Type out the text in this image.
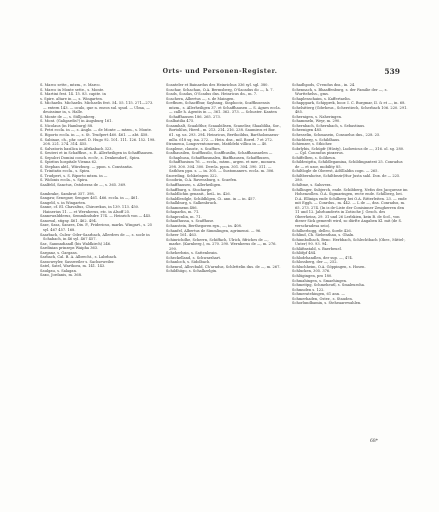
Orts- und Personen-Register.	539

S. Marco sette., mtzm., e. Marco.

S. Marco in Monte sette., s. Monte.

S. Martini fest. 14. 15. 83. capite. in

s. Spire. altare in —, s. Wingarten.

S. Michaelis. Michaelis. Michaelis fest. 54. 55. 115. 271—273. — extern 143. — oculo, que n. eneos sul. spud. — Ulma, — deuissime in, s. Halle.

S. Monte de —, s. Stilljonberg.

S. Mont. (Galigardis?) in Augsburg 161.

S. Nicolaus (in Hamburg) 88.

S. Petri eccla. in —, s. Anglo. — de Monte — mtzm., s. Monte.

S. Riporto eccla. in —, s. St. Trudpert 460. 461. — abt. 458.

S. Sabinae, ch., phr. card. D. Hugo 92. 101. 111. 126. 152. 198. 208. 221. 274. 314. 455.

S. Salvatoris basilica in Afrikabach 323.

S. Seuteri et in Schaffhse., s. R. Allerheiligen in Schaffhausen.

S. Sepulcri Domini conch. ecclv., s. Denkendorf., Spira.

S. Spiritus hospitale Vienna 62.

S. Stephan abtl., Würzburg. — ppon. s. Constantia.

S. Trinitatis eccla., s. Spira.

S. Trudpert, s. S. Riporto mtzm. in —

S. Widonis eccla., s. Spira.

Saalfeld, Sanctus, Ostoberas de —, s. 365. 369.

Sambrake, Sambrut 357. 398.

Sangaw, Senegaw, Sengaw 461. 466. eccla. in —, 461.

Sangeld, s. in Wingarten.

Sanne, cf. El. Chavaltus, Chirorekus, in 139. 113. 450. Hainerius 11. — et Wernherus, etc. in Alsoff 25.

Sannewaldderus, Semmlindsdre 174. — Heinrich von — 445.

Sanowal, stigny. 461. 462. 494.

Saze, Sasa, Sanzes, Dix. F., Fridericus, marks. Wingart., s. 25 syl. 467 457. 168.

Saarbach, Culeu- Oder-Saarbach, Allerdres de —, s. socle in Schabach, in 46 syl. 467 457.

Sar., Sanmndiandl (bis Waldkirch) 246.

Sardinian prinzeps Waipha 363.

Sarganz, s. Gargans.

Sarbach, Cal. B. A. Albrecht., s. Labrbach.

Sassoweyler, Sassweiler s. Sachseweiler.

Satel, Satel, Warthora, m. 141. 143.

Saulgau, s. Salagan.

Saxo, Jordanis, m. 368.

Scanteler et Bainardus des Heinrichus 336 syl. sgl. 380.

Scachar, Schachan, O.A. Bermsberg, O'Sacadus do —, h. 7.

Scads, Scadas, O'Scadus dns. Heinricus dn., m. 7.

Scachera, Albertus —, s. de Maingen.

Scefburn, Schacffbur, Sayhnng, Sinphocis, Scaffhusensis mtzm., s. Allerheiligen 37. et Schaffhausen — S. Agnes eccla. — calle h. Agentis in —, 361. 362. 373. — Schuster. Kanten Schaffhausen 186. 265. 273.

Scalbatilia 475.

Scaamhalt, Scaaldtlur, Scaaabilisen, Scanelisr, Shaablilia, Sor., Bortolilus, Hierd., m. 213. 214. 216. 238. Saumiros et Bor. 61. sg. us. 293. 294. Heinricus, Berthoildus, Bartholomaeus-mllu. 618 sq. isa. 272. — Hein. dns., mil. Borrd. 7 et 272.

Stramenu, Longoventonorum, Matildehi villica in — 40.

Scaplene, claustr., s. Scaffurs.

Scafhausilen, Scaffhusilo, Scaffhusilin, Schaffhausaelen — Schaphusa, Schaffhusmaleu, Biaffhausen, Schaffhusen, Schaffhusium 76. — eccla., mtzm., argen. et mer., monuru. 298. 300. 304. 300. Dercla. ppon. 301. 304. 390. 311. — Sathhen ppu. s. — in. 305. — Sustomaners. eccla. m. 306.

Szoerding, Schkrönpen 322.

Scoobrin, O.A. Ravensburg, s. Scaefen.

Schaffhausen, s. Allerheiligen.

Schaffburg, s. Stocharge.

Schaldlichin genanit., beiL. in. 426.

Schaldlesdgle, Schildhlgen, Ci. ann. in — in. 457.

Schalkburg, s. Salkenbruch.

Schammenn 486.

Schaparlin, m. 71.

Schaprcnlin, m. 71.

Schaufhussa, s. Scaffhuse.

Schanstein, Berthegoren rgn., —, in. 408.

Schanfel, Albertus de Simmlingen, agrimensi. — 96.

Scheer 161. 463.

Schinrichdhe, Scherrn, Schiffach, Ulrich, fifriches de —, marke. (Karnberg.), m. 270. 290. Wernherus de —, m. 276. 290.

Scheherbzin, s. Sattenbrain.

Scheckelland, s. Schwarzhart.

Schanloch, s. Sidolbach.

Schenrol, Albvcbald, Ch'arndus, Schlettelin dns. de —, m. 267.

Schildhügo, s. Schalkzelgin.

Schadhpods, C'rendus dns., in. 24.

Schennach, s. Bhaaffenburg, s. der Familie der —, s. Wurttehelss., gms.

Schaplenschaim, s. Kaffertaelin.

Schapppark, Schipprek, boor. I. C. Burgmar, II. & et —, in. 68.

Schelsitterg (Gdwheus., Scherstiech, Scherbach 106. 220. 291. 485.

Schernigen, s. Naheringen.

Schammeln, Weyr, m. 290.

Schernbach, Schernbach, s. Sebastinus.

Scheenigen 485.

Schesselin, Schmasein, Consuelus dns., 228. 25.

Schichberg, s. Schildhaus.

Schienzer, s. Sthicher.

Sobrlybis, Schüpfr (Hüsty), Ludowicus de —, 316. ol. sg. 280. — Cpl. Conradus pinxerus.

Schiffelben, s. Soliheun.

Schildesiptta, Schildlegamina, Schildingantest 25. Conradus de — et uzor, mobility 85.

Schiltlogle de Oberest, AdSllaldin cogn. — 265.

Schiltbernhotse, Schiltbezir(Hur Justa sahl. Dox. de — 225. 280.

Schiltme, s. Saluvera.

Schillinger, Subjerch, ende. Schibberg, Nefos des Jacquesse im Hohenzollen. O.A. Sigmaringen, recte ende. Schilberg, bei. D.A. Elliniga ende Schilberg bei O.A. Ritterleiten. 23. — ende mit Eggh. — Conrdus., m. 442. — L de —, dns. Conradus, m. 65. 273. 274. (In is de-Liste der Conisinner Zeugherren den 11 und 12. Jahrhunderts in Zotische J. Gesch. des Oberrheins, 29. 31 und 26 Lerlskien, kein B. de Scd., von dieser Sick gemerdt wird, so dürfte Angaben Kl. mit (de S. verschradesa seio).

Schilherbogg, delleo, Sorde 426.

Schlind, Ch. Siebenthau, s. Ghaln.

Schinnbolbach, Benc. Herbbach, Schlechtbach (Ober., Mittel-, Unter) 90. 93. 94.

Schläfinstabl, s. Baerbeuel.

Schlöfpf 484.

Schlodrhandlen, der sup. —, 474.

Schlossberg, der —, 252.

Schluchheim, O.A. Göppingen, s. Hosen.

Schlucken, 305. 376.

Schlügingen, pro 180.

Schmahingen, s. Smaehingen.

Schmeitpg, Schmeheutl, s. Smaleuroha.

Schmuden s. 122.

Schmeratehingen, 61 ann. —

Schmerhaden, Oster., s. Stauden.

Schorlundbamin, s. Steheaarewahlen.

68*
